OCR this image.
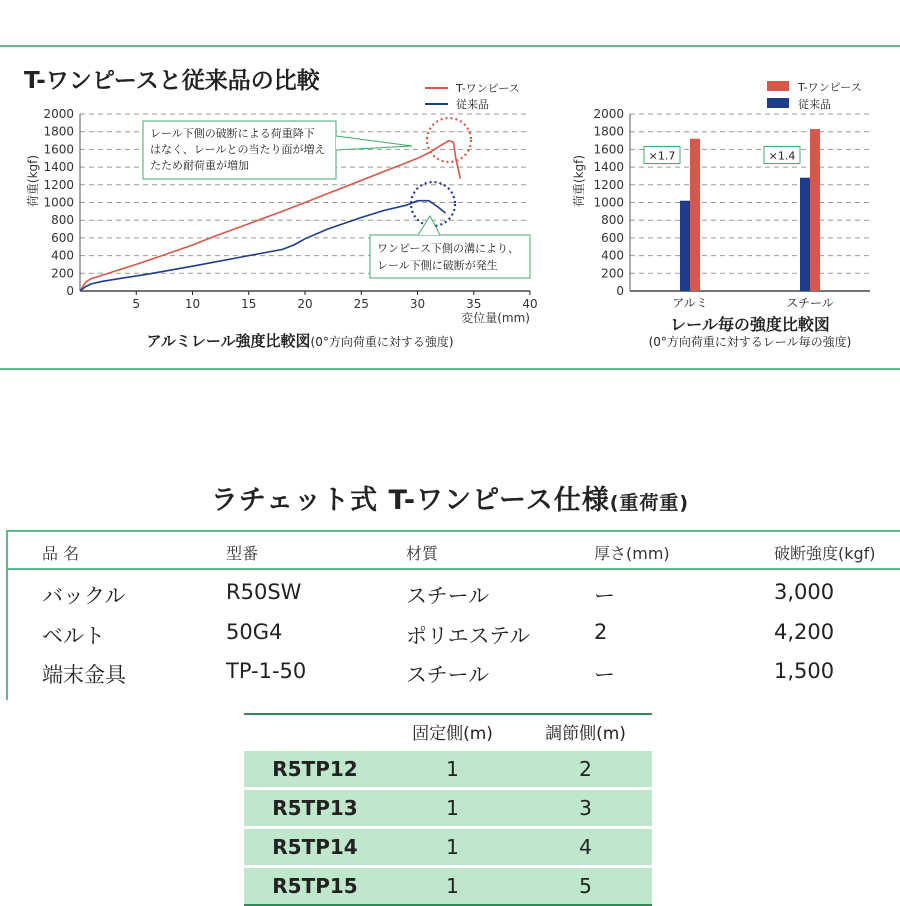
T-ワンピースと従来品の比較
荷重(kgf)
0
200
400
600
800
1000
1200
1400
1600
1800
2000
5	10	15	20	25	30	35	40
変位量(mm)
レール下側の破断による荷重降下
はなく、レールとの当たり面が増え
たため耐荷重が増加
ワンピース下側の溝により、
レール下側に破断が発生
T-ワンピース
従来品
アルミレール強度比較図(0°方向荷重に対する強度)
荷重(kgf)
0
200
400
600
800
1000
1200
1400
1600
1800
2000
アルミ	スチール
×1.7	×1.4
T-ワンピース
従来品
レール毎の強度比較図
(0°方向荷重に対するレール毎の強度)
ラチェット式 T-ワンピース仕様(重荷重)
品 名	型番	材質	厚さ(mm)	破断強度(kgf)
バックル	R50SW	スチール	ー	3,000
ベルト	50G4	ポリエステル	2	4,200
端末金具	TP-1-50	スチール	ー	1,500
	固定側(m)	調節側(m)
R5TP12	1	2
R5TP13	1	3
R5TP14	1	4
R5TP15	1	5
